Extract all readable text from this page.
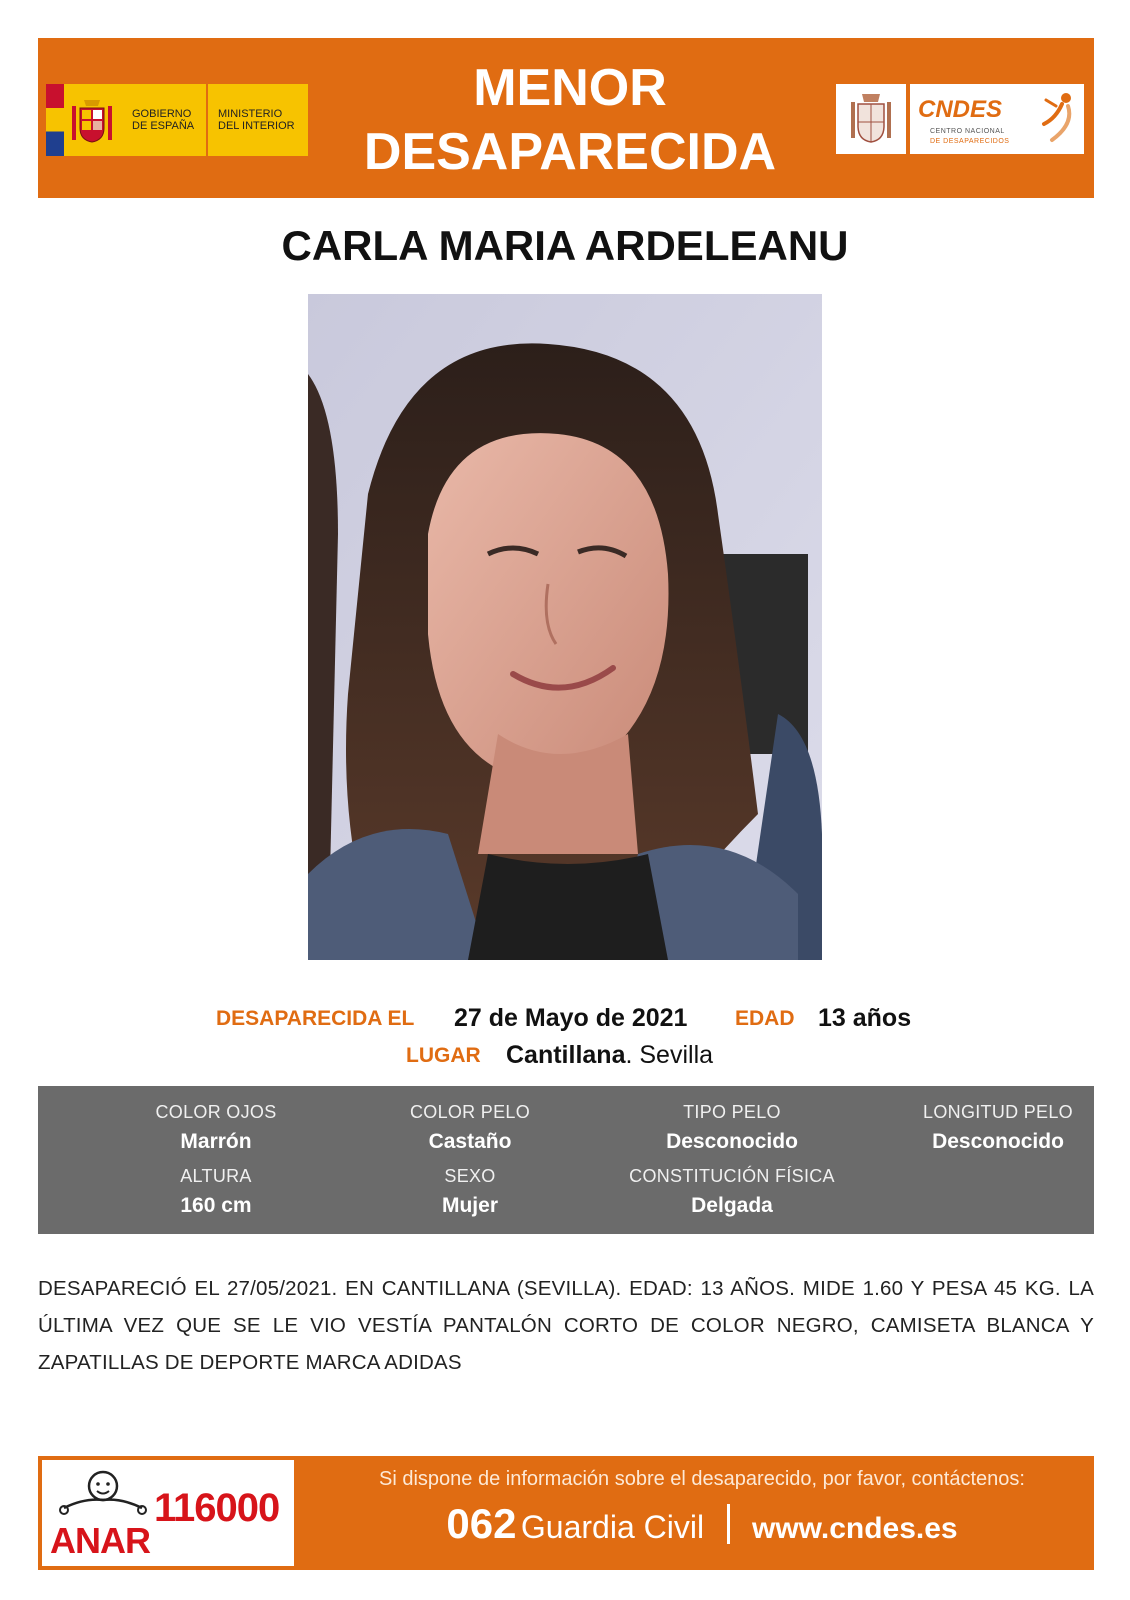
GOBIERNO DE ESPAÑA
MINISTERIO DEL INTERIOR
MENOR
DESAPARECIDA
CNDES
CENTRO NACIONAL
DE DESAPARECIDOS
CARLA MARIA ARDELEANU
DESAPARECIDA EL 27 de Mayo de 2021 EDAD 13 años
LUGAR Cantillana. Sevilla
COLOR OJOS
Marrón
COLOR PELO
Castaño
TIPO PELO
Desconocido
LONGITUD PELO
Desconocido
ALTURA
160 cm
SEXO
Mujer
CONSTITUCIÓN FÍSICA
Delgada
DESAPARECIÓ EL 27/05/2021. EN CANTILLANA (SEVILLA). EDAD: 13 AÑOS. MIDE 1.60 Y PESA 45 KG. LA ÚLTIMA VEZ QUE SE LE VIO VESTÍA PANTALÓN CORTO DE COLOR NEGRO, CAMISETA BLANCA Y ZAPATILLAS DE DEPORTE MARCA ADIDAS
ANAR
116000
Si dispone de información sobre el desaparecido, por favor, contáctenos:
062 Guardia Civil www.cndes.es
